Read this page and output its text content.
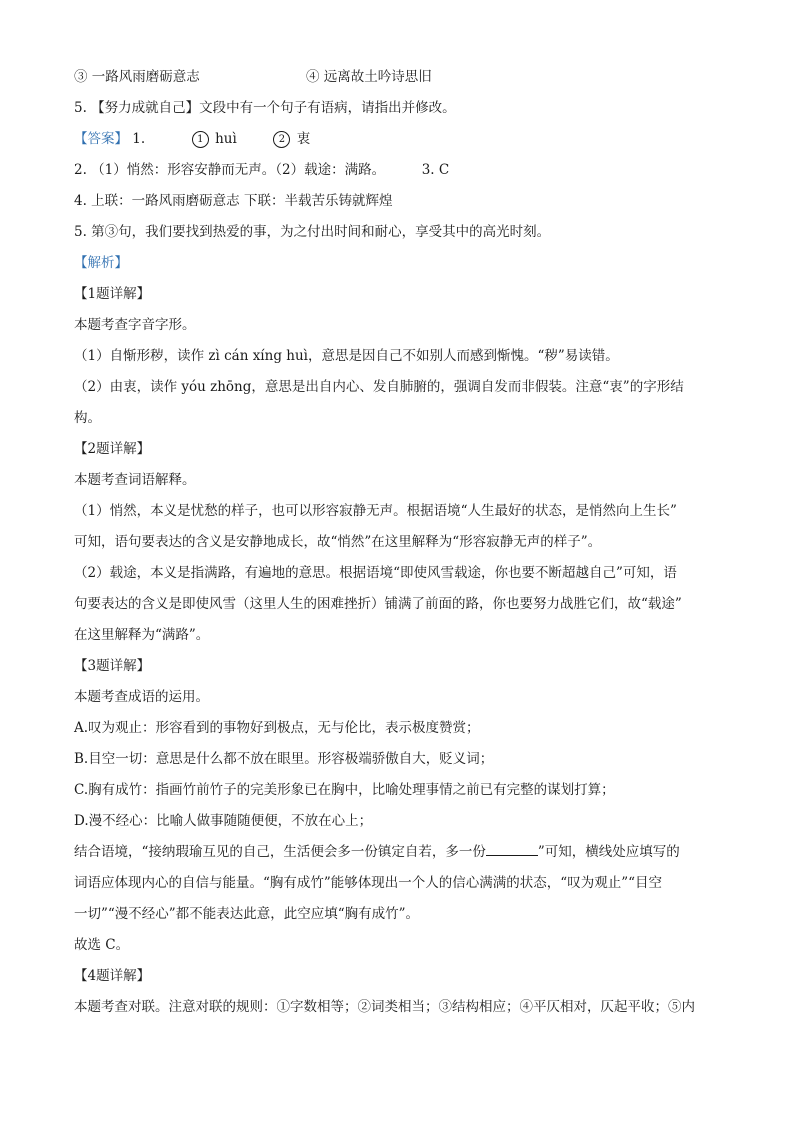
③ 一路风雨磨砺意志	④ 远离故土吟诗思旧
5. 【努力成就自己】文段中有一个句子有语病，请指出并修改。
【答案】 1.	1 huì	2 衷
2. （1）悄然：形容安静而无声。（2）载途：满路。	3. C
4. 上联：一路风雨磨砺意志 下联：半载苦乐铸就辉煌
5. 第③句，我们要找到热爱的事，为之付出时间和耐心，享受其中的高光时刻。
【解析】
【1题详解】
本题考查字音字形。
（1）自惭形秽，读作 zì cán xíng huì，意思是因自己不如别人而感到惭愧。“秽”易读错。
（2）由衷，读作 yóu zhōng，意思是出自内心、发自肺腑的，强调自发而非假装。注意“衷”的字形结
构。
【2题详解】
本题考查词语解释。
（1）悄然，本义是忧愁的样子，也可以形容寂静无声。根据语境“人生最好的状态，是悄然向上生长”
可知，语句要表达的含义是安静地成长，故“悄然”在这里解释为“形容寂静无声的样子”。
（2）载途，本义是指满路，有遍地的意思。根据语境“即使风雪载途，你也要不断超越自己”可知，语
句要表达的含义是即使风雪（这里人生的困难挫折）铺满了前面的路，你也要努力战胜它们，故“载途”
在这里解释为“满路”。
【3题详解】
本题考查成语的运用。
A.叹为观止：形容看到的事物好到极点，无与伦比，表示极度赞赏；
B.目空一切：意思是什么都不放在眼里。形容极端骄傲自大，贬义词；
C.胸有成竹：指画竹前竹子的完美形象已在胸中，比喻处理事情之前已有完整的谋划打算；
D.漫不经心：比喻人做事随随便便，不放在心上；
结合语境，“接纳瑕瑜互见的自己，生活便会多一份镇定自若，多一份	”可知，横线处应填写的
词语应体现内心的自信与能量。“胸有成竹”能够体现出一个人的信心满满的状态，“叹为观止”“目空
一切”“漫不经心”都不能表达此意，此空应填“胸有成竹”。
故选 C。
【4题详解】
本题考查对联。注意对联的规则：①字数相等；②词类相当；③结构相应；④平仄相对，仄起平收；⑤内
